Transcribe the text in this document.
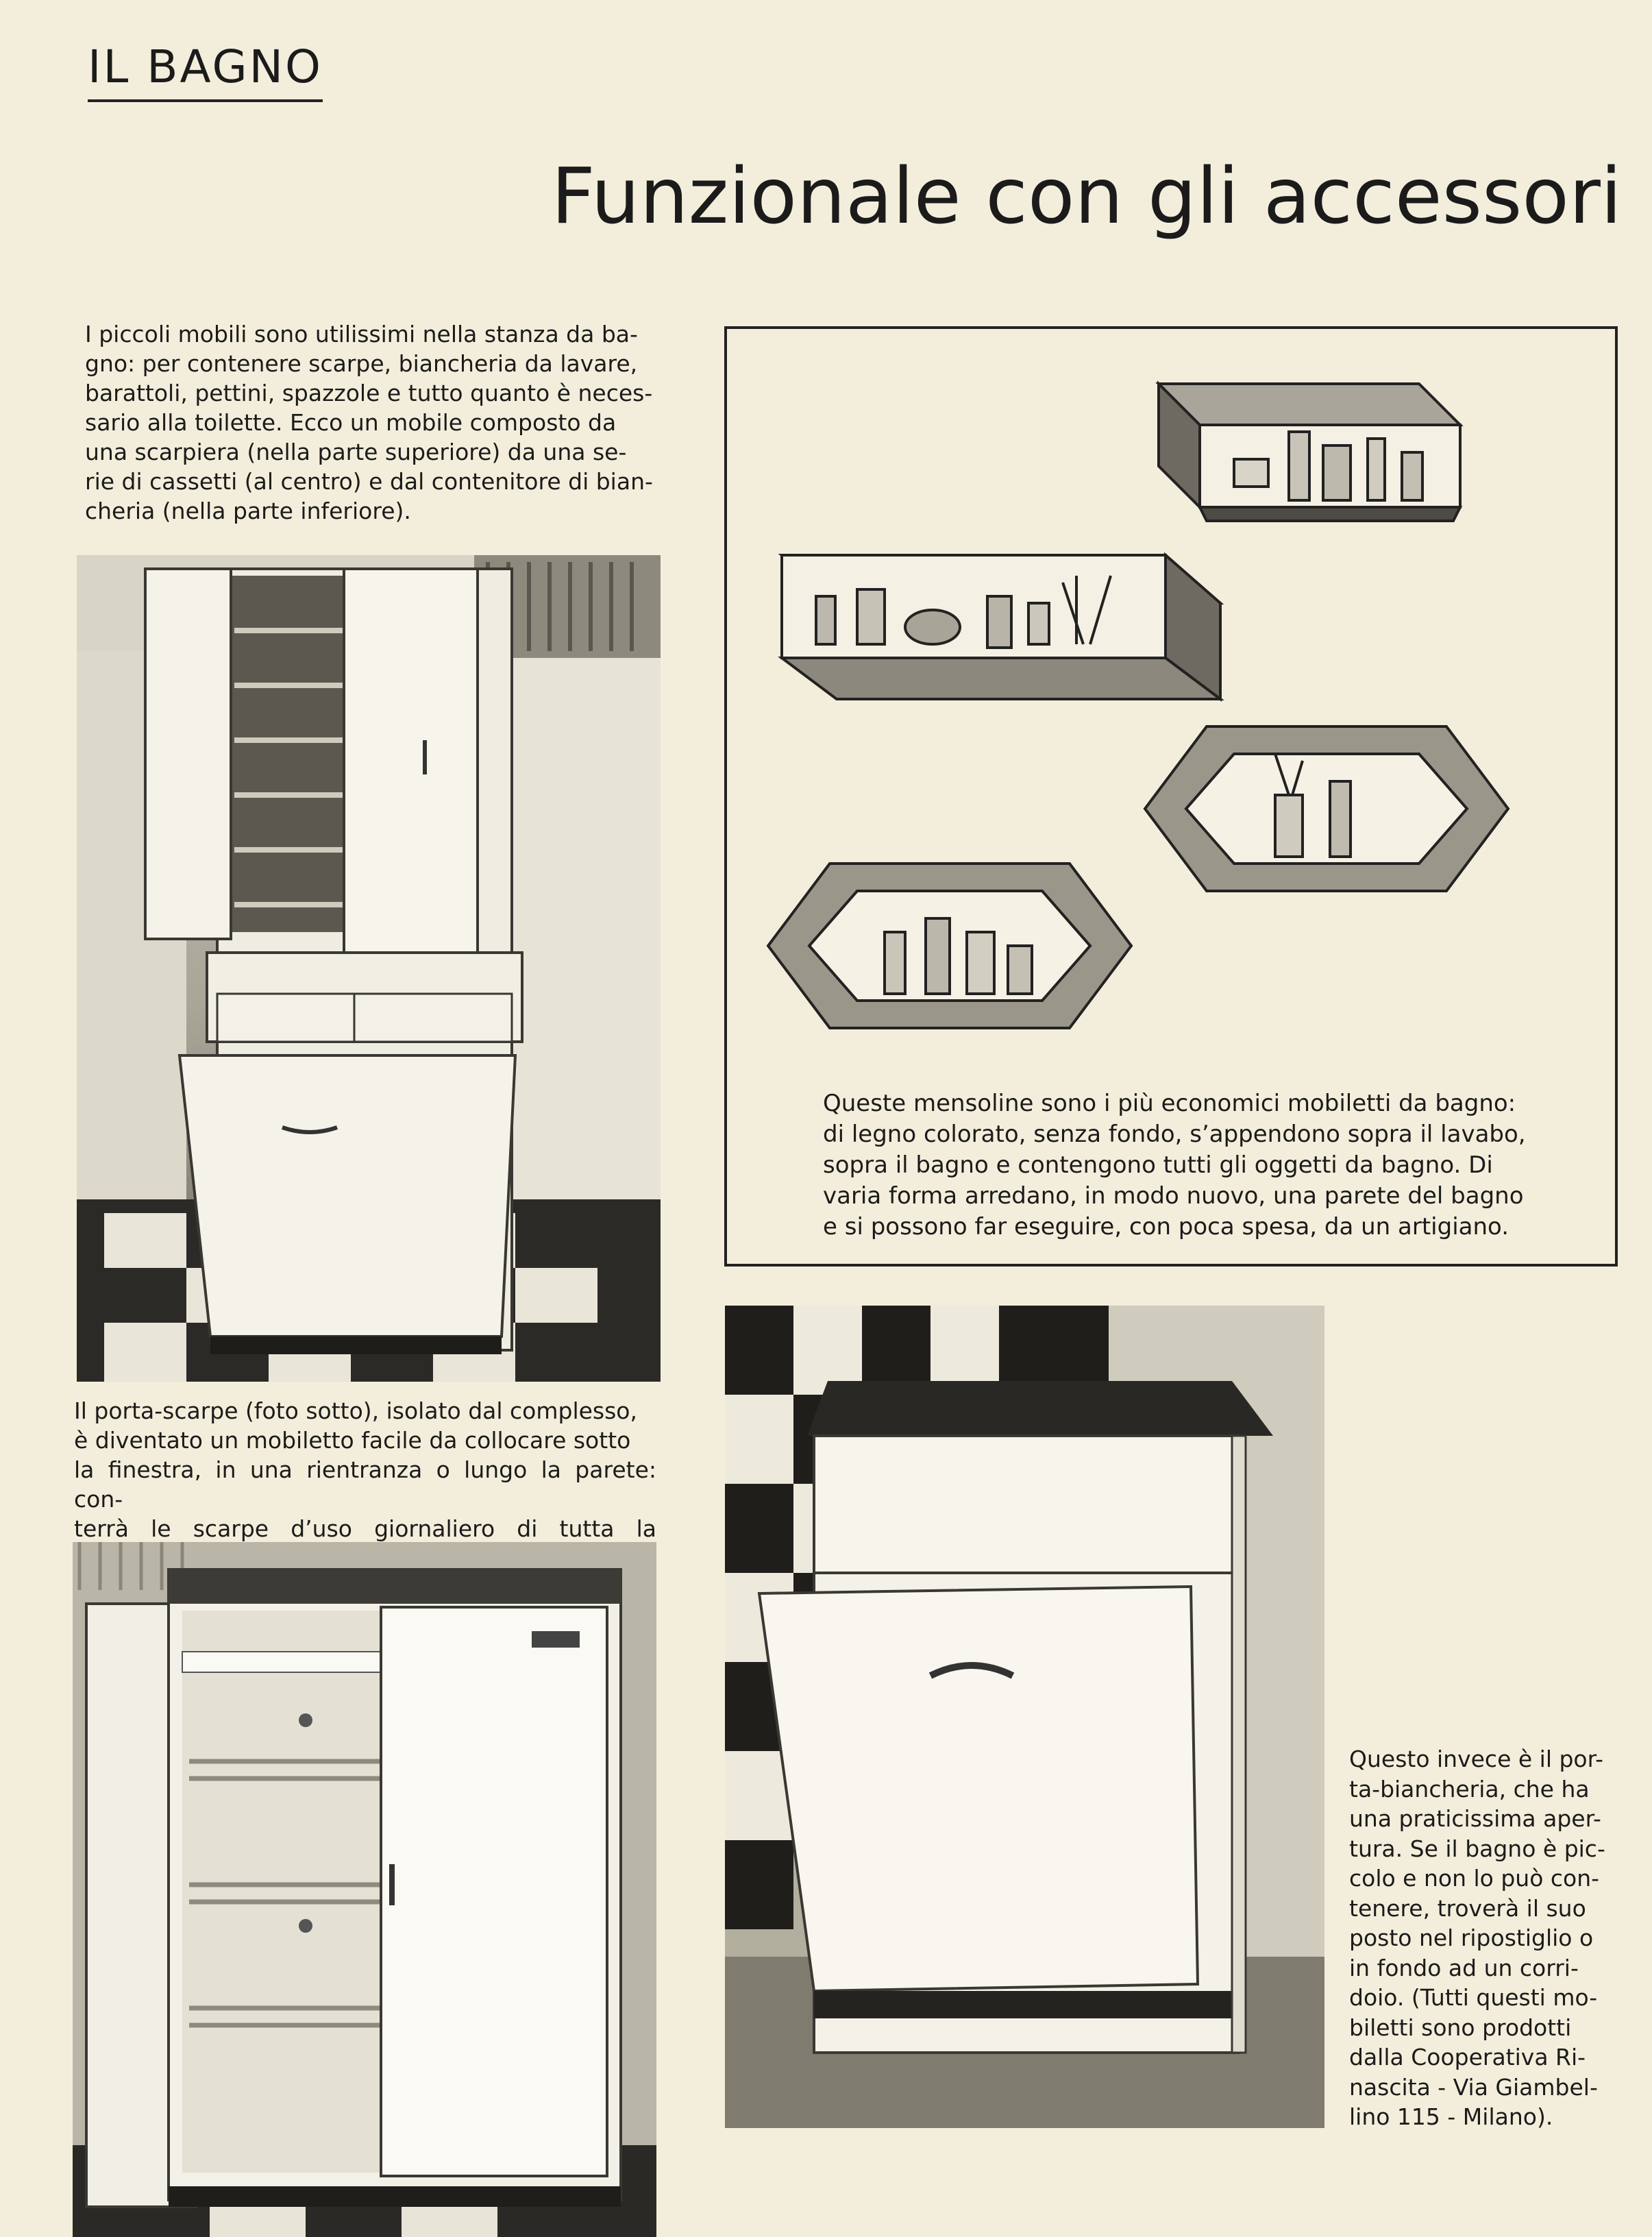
IL BAGNO
Funzionale con gli accessori

I piccoli mobili sono utilissimi nella stanza da ba-

gno: per contenere scarpe, biancheria da lavare,

barattoli, pettini, spazzole e tutto quanto è neces-

sario alla toilette. Ecco un mobile composto da

una scarpiera (nella parte superiore) da una se-

rie di cassetti (al centro) e dal contenitore di bian-

cheria (nella parte inferiore).

Il porta-scarpe (foto sotto), isolato dal complesso,

è diventato un mobiletto facile da collocare sotto

la finestra, in una rientranza o lungo la parete: con-

terrà le scarpe d’uso giornaliero di tutta la

Queste mensoline sono i più economici mobiletti da bagno:

di legno colorato, senza fondo, s’appendono sopra il lavabo,

sopra il bagno e contengono tutti gli oggetti da bagno. Di

varia forma arredano, in modo nuovo, una parete del bagno

e si possono far eseguire, con poca spesa, da un artigiano.

Questo invece è il por-

ta-biancheria, che ha

una praticissima aper-

tura. Se il bagno è pic-

colo e non lo può con-

tenere, troverà il suo

posto nel ripostiglio o

in fondo ad un corri-

doio. (Tutti questi mo-

biletti sono prodotti

dalla Cooperativa Ri-

nascita - Via Giambel-

lino 115 - Milano).
